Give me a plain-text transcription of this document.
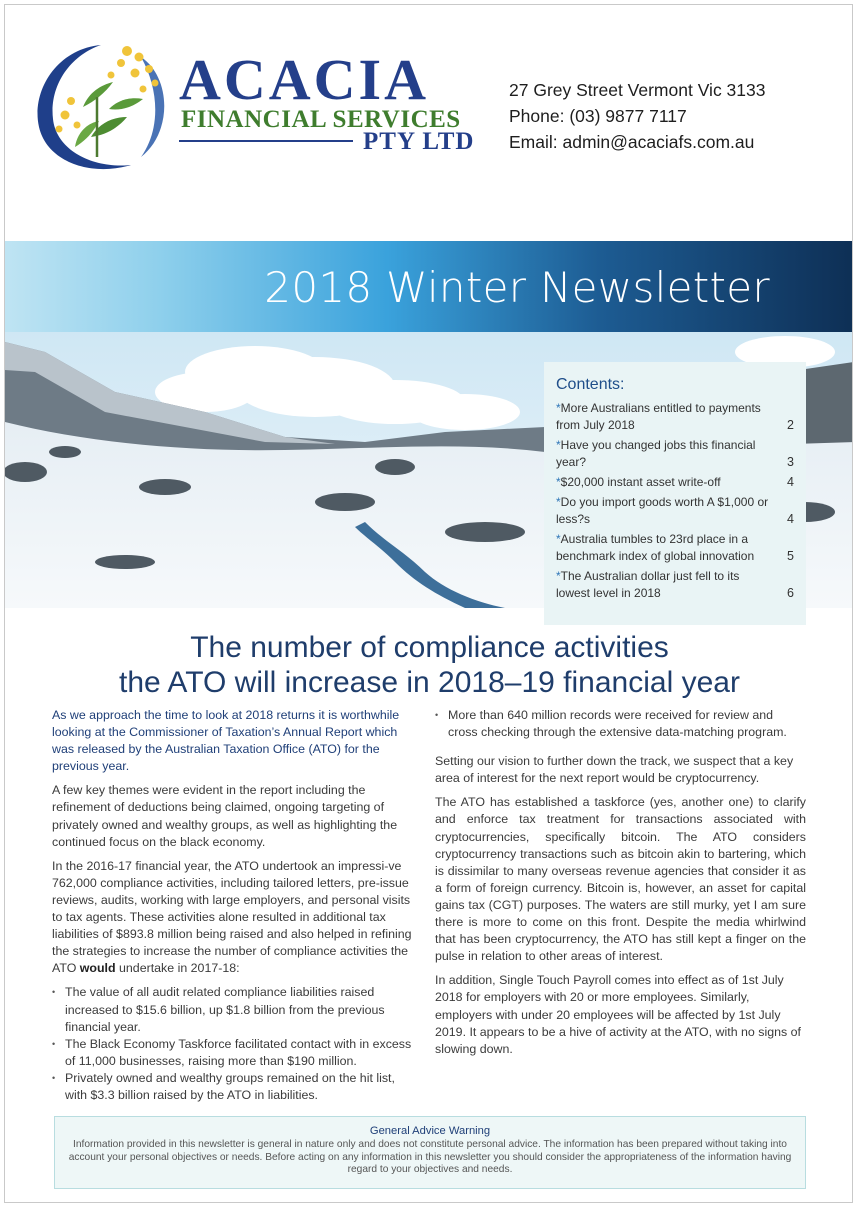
ACACIA
FINANCIAL SERVICES
PTY LTD
27 Grey Street Vermont Vic 3133
Phone: (03) 9877 7117
Email: admin@acaciafs.com.au
2018 Winter Newsletter
Contents:
*More Australians entitled to payments from July 2018	2
*Have you changed jobs this financial year?	3
*$20,000 instant asset write-off	4
*Do you import goods worth A $1,000 or less?s	4
*Australia tumbles to 23rd place in a benchmark index of global innovation	5
*The Australian dollar just fell to its lowest level in 2018	6
The number of compliance activities
the ATO will increase in 2018–19 financial year

As we approach the time to look at 2018 returns it is worthwhile looking at the Commissioner of Taxation’s Annual Report which was released by the Australian Taxation Office (ATO) for the previous year.

A few key themes were evident in the report including the refinement of deductions being claimed, ongoing targeting of privately owned and wealthy groups, as well as highlighting the continued focus on the black economy.

In the 2016-17 financial year, the ATO undertook an impressi-ve 762,000 compliance activities, including tailored letters, pre-issue reviews, audits, working with large employers, and personal visits to tax agents. These activities alone resulted in additional tax liabilities of $893.8 million being raised and also helped in refining the strategies to increase the number of compliance activities the ATO would undertake in 2017-18:

• The value of all audit related compliance liabilities raised increased to $15.6 billion, up $1.8 billion from the previous financial year.
• The Black Economy Taskforce facilitated contact with in excess of 11,000 businesses, raising more than $190 million.
• Privately owned and wealthy groups remained on the hit list, with $3.3 billion raised by the ATO in liabilities.
• More than 640 million records were received for review and cross checking through the extensive data-matching program.

Setting our vision to further down the track, we suspect that a key area of interest for the next report would be cryptocurrency.

The ATO has established a taskforce (yes, another one) to clarify and enforce tax treatment for transactions associated with cryptocurrencies, specifically bitcoin. The ATO considers cryptocurrency transactions such as bitcoin akin to bartering, which is dissimilar to many overseas revenue agencies that consider it as a form of foreign currency. Bitcoin is, however, an asset for capital gains tax (CGT) purposes. The waters are still murky, yet I am sure there is more to come on this front. Despite the media whirlwind that has been cryptocurrency, the ATO has still kept a finger on the pulse in relation to other areas of interest.

In addition, Single Touch Payroll comes into effect as of 1st July 2018 for employers with 20 or more employees. Similarly, employers with under 20 employees will be affected by 1st July 2019. It appears to be a hive of activity at the ATO, with no signs of slowing down.

General Advice Warning
Information provided in this newsletter is general in nature only and does not constitute personal advice. The information has been prepared without taking into account your personal objectives or needs. Before acting on any information in this newsletter you should consider the appropriateness of the information having regard to your objectives and needs.
